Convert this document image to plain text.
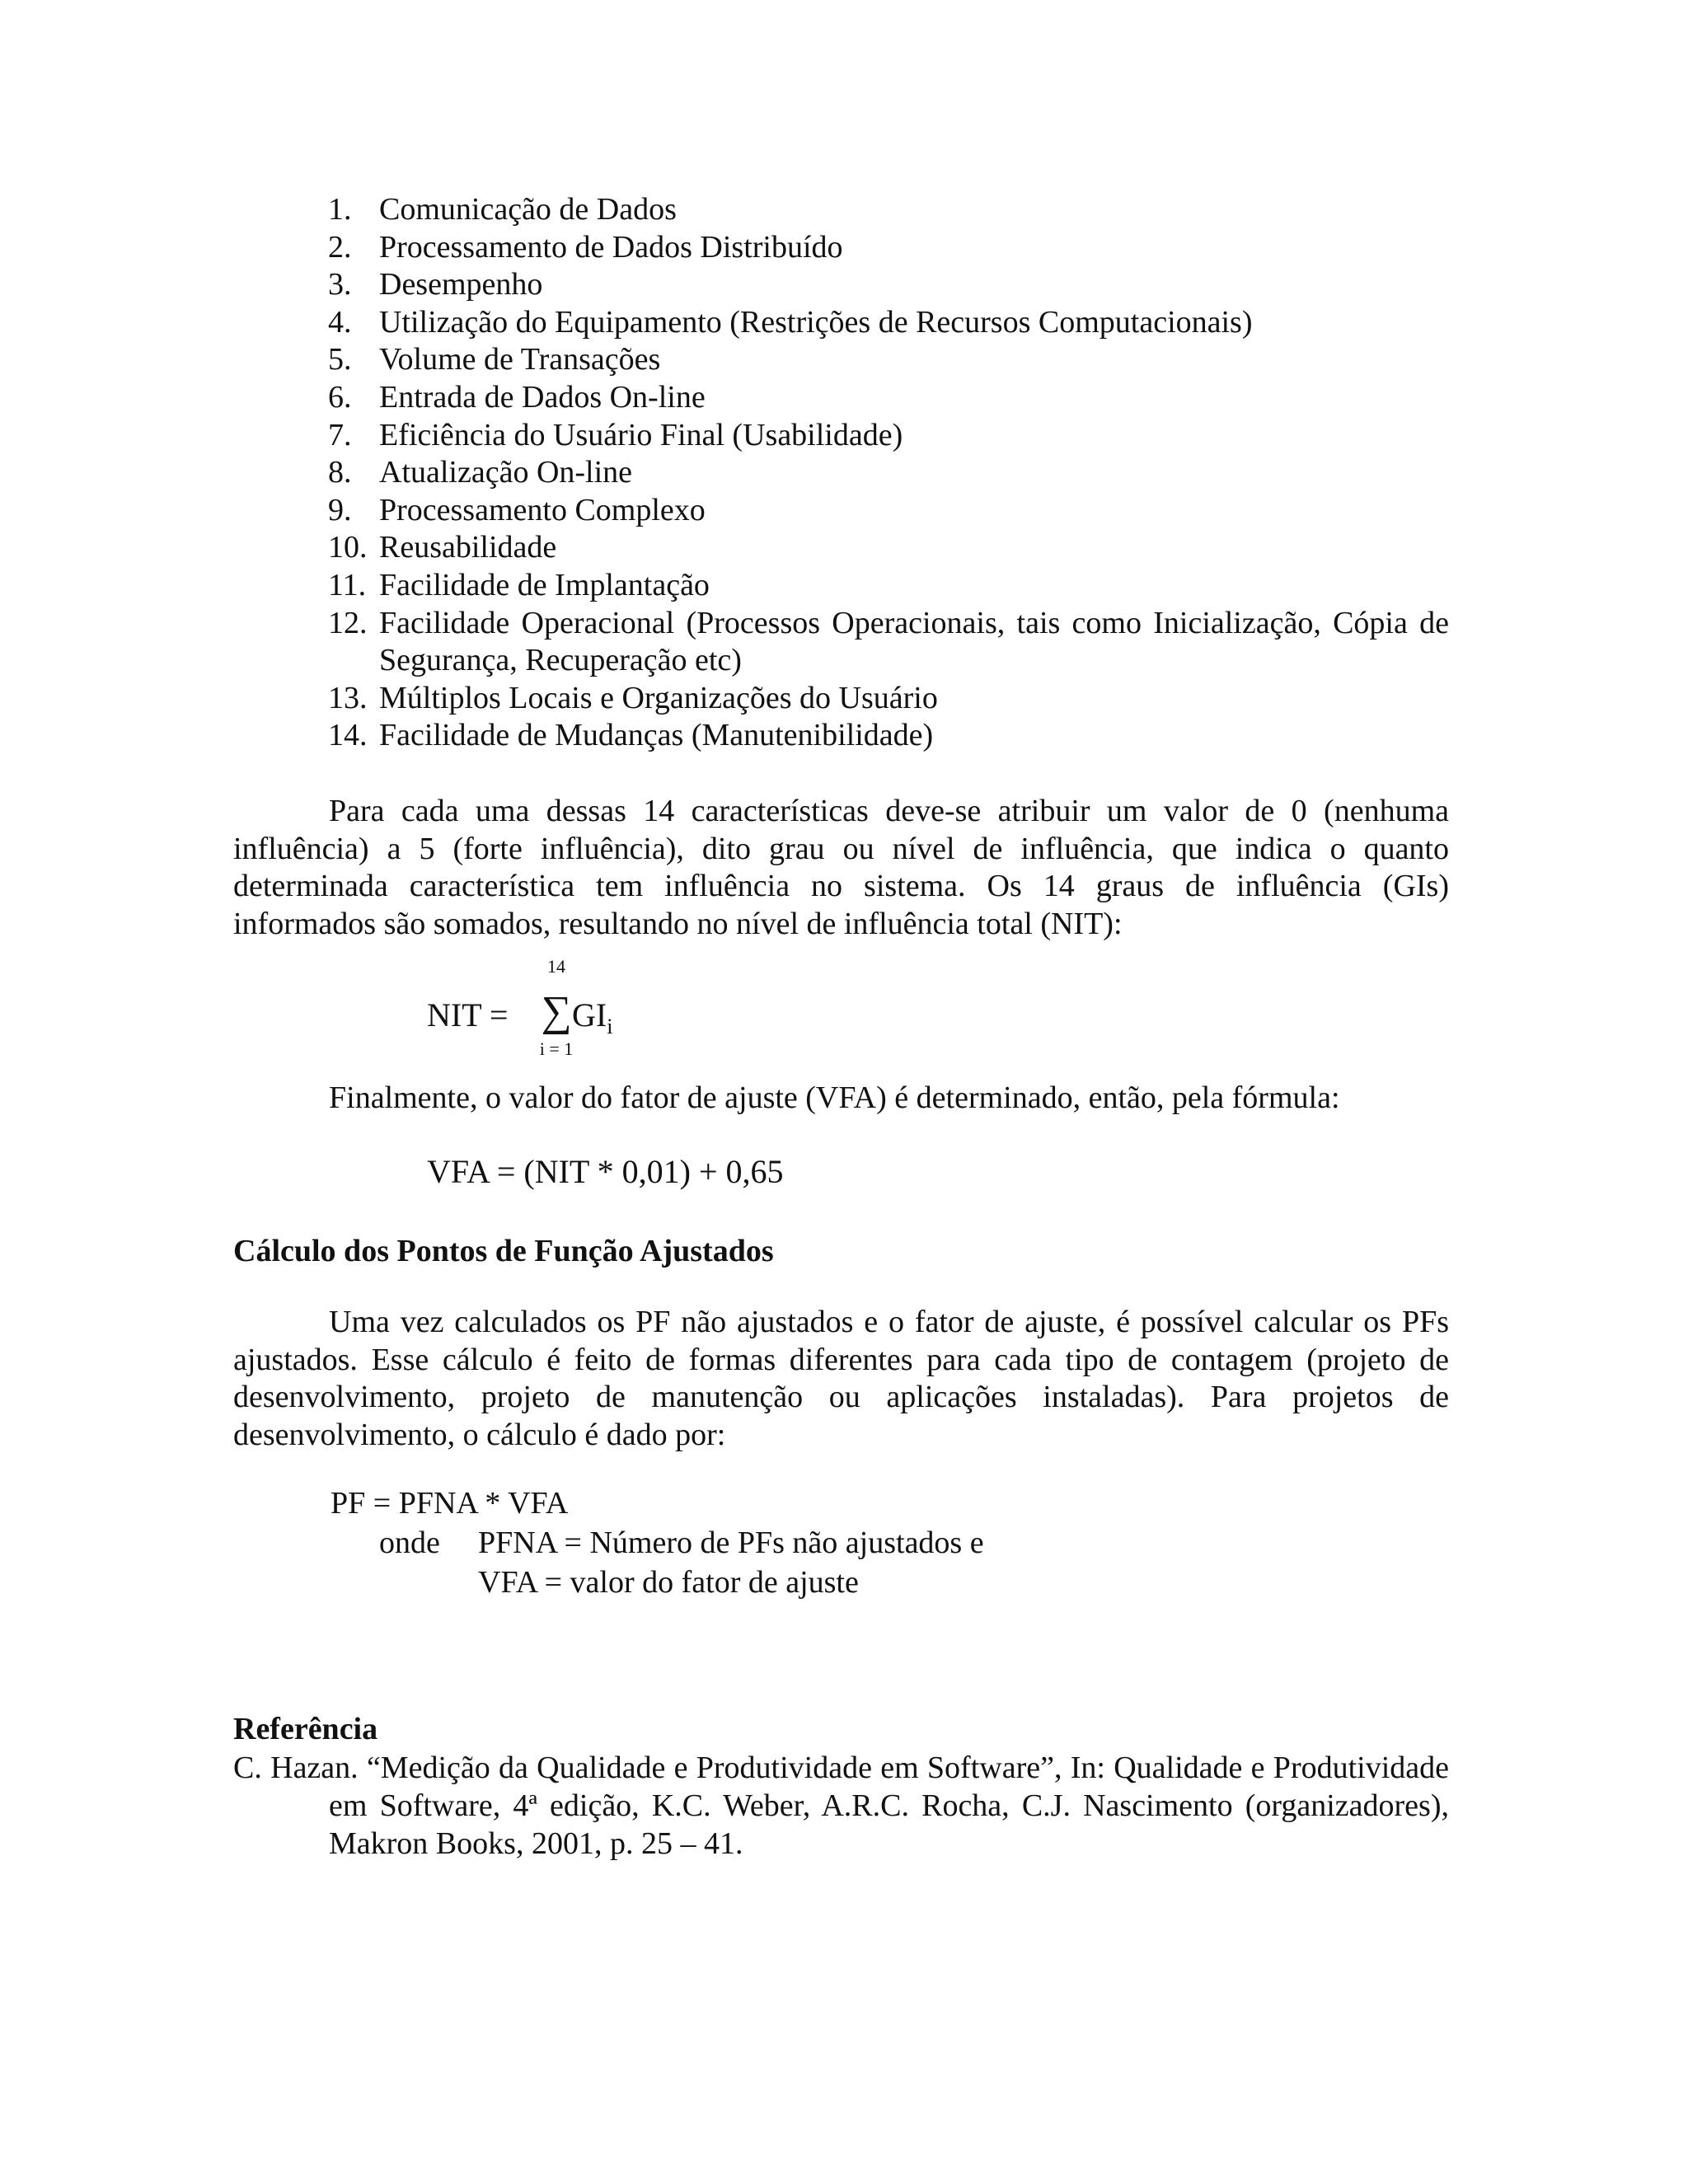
1. Comunicação de Dados
2. Processamento de Dados Distribuído
3. Desempenho
4. Utilização do Equipamento (Restrições de Recursos Computacionais)
5. Volume de Transações
6. Entrada de Dados On-line
7. Eficiência do Usuário Final (Usabilidade)
8. Atualização On-line
9. Processamento Complexo
10. Reusabilidade
11. Facilidade de Implantação
12. Facilidade Operacional (Processos Operacionais, tais como Inicialização, Cópia de Segurança, Recuperação etc)
13. Múltiplos Locais e Organizações do Usuário
14. Facilidade de Mudanças (Manutenibilidade)

Para cada uma dessas 14 características deve-se atribuir um valor de 0 (nenhuma influência) a 5 (forte influência), dito grau ou nível de influência, que indica o quanto determinada característica tem influência no sistema. Os 14 graus de influência (GIs) informados são somados, resultando no nível de influência total (NIT):

NIT =
14
∑
i = 1
$GI_i$
Finalmente, o valor do fator de ajuste (VFA) é determinado, então, pela fórmula:
VFA = (NIT * 0,01) + 0,65
Cálculo dos Pontos de Função Ajustados

Uma vez calculados os PF não ajustados e o fator de ajuste, é possível calcular os PFs ajustados. Esse cálculo é feito de formas diferentes para cada tipo de contagem (projeto de desenvolvimento, projeto de manutenção ou aplicações instaladas). Para projetos de desenvolvimento, o cálculo é dado por:

PF = PFNA * VFA
onde PFNA = Número de PFs não ajustados e
VFA = valor do fator de ajuste
Referência

C. Hazan. “Medição da Qualidade e Produtividade em Software”, In: Qualidade e Produtividade em Software, 4ª edição, K.C. Weber, A.R.C. Rocha, C.J. Nascimento (organizadores), Makron Books, 2001, p. 25 – 41.
